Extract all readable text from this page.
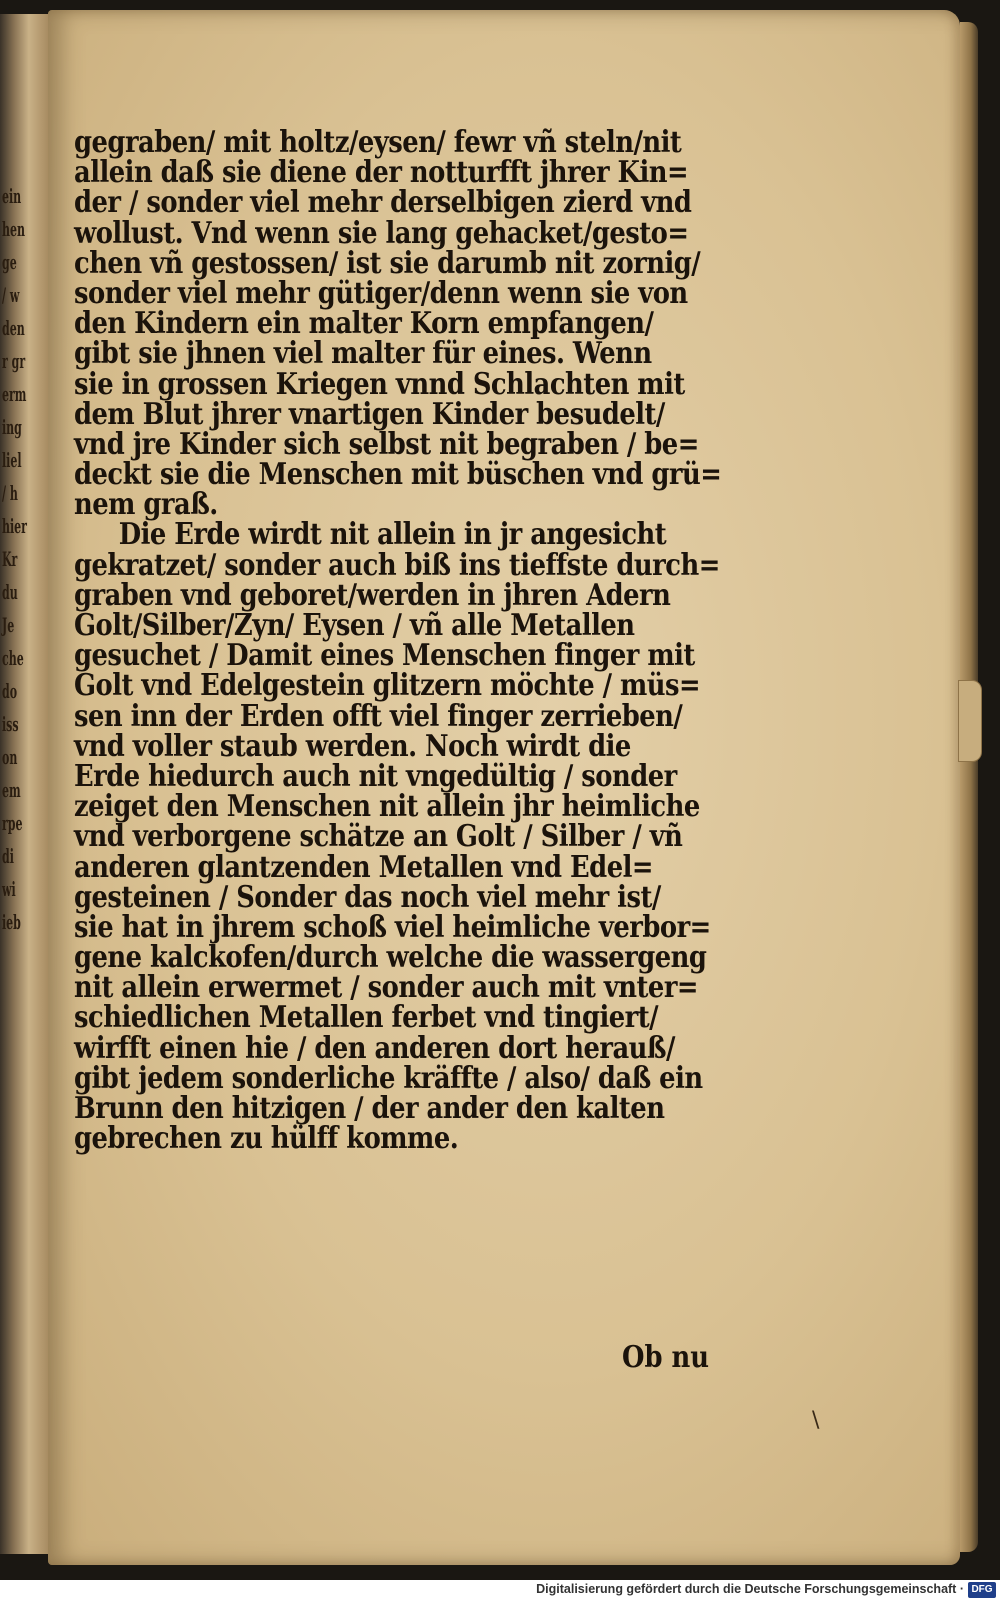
ein
hen
ge
/ w
den
r gr
erm
ing
liel
/ h
hier
Kr
du
Je
che
do
iss
on
em
rpe
di
wi
ieb
gegraben/ mit holtz/eysen/ fewr vñ steln/nit
allein daß sie diene der notturfft jhrer Kin=
der / sonder viel mehr derselbigen zierd vnd
wollust. Vnd wenn sie lang gehacket/gesto=
chen vñ gestossen/ ist sie darumb nit zornig/
sonder viel mehr gütiger/denn wenn sie von
den Kindern ein malter Korn empfangen/
gibt sie jhnen viel malter für eines. Wenn
sie in grossen Kriegen vnnd Schlachten mit
dem Blut jhrer vnartigen Kinder besudelt/
vnd jre Kinder sich selbst nit begraben / be=
deckt sie die Menschen mit büschen vnd grü=
nem graß.
Die Erde wirdt nit allein in jr angesicht
gekratzet/ sonder auch biß ins tieffste durch=
graben vnd geboret/werden in jhren Adern
Golt/Silber/Zyn/ Eysen / vñ alle Metallen
gesuchet / Damit eines Menschen finger mit
Golt vnd Edelgestein glitzern möchte / müs=
sen inn der Erden offt viel finger zerrieben/
vnd voller staub werden. Noch wirdt die
Erde hiedurch auch nit vngedültig / sonder
zeiget den Menschen nit allein jhr heimliche
vnd verborgene schätze an Golt / Silber / vñ
anderen glantzenden Metallen vnd Edel=
gesteinen / Sonder das noch viel mehr ist/
sie hat in jhrem schoß viel heimliche verbor=
gene kalckofen/durch welche die wassergeng
nit allein erwermet / sonder auch mit vnter=
schiedlichen Metallen ferbet vnd tingiert/
wirfft einen hie / den anderen dort herauß/
gibt jedem sonderliche kräffte / also/ daß ein
Brunn den hitzigen / der ander den kalten
gebrechen zu hülff komme.
Ob nu
\
Digitalisierung gefördert durch die Deutsche Forschungsgemeinschaft · DFG
